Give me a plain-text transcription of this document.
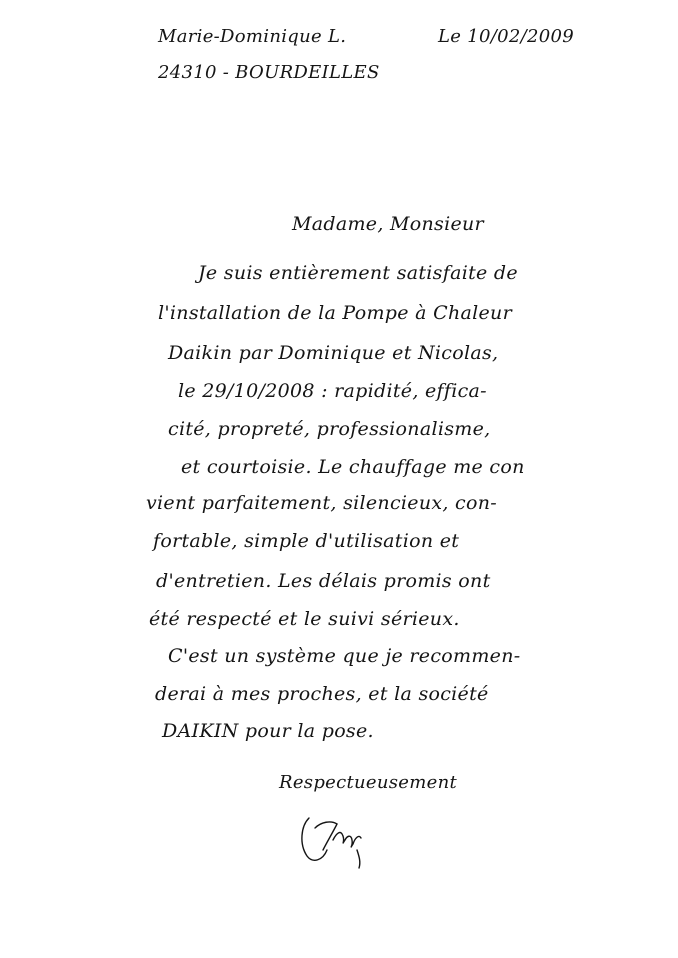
Marie-Dominique L.	Le 10/02/2009
24310 - BOURDEILLES
Madame, Monsieur
Je suis entièrement satisfaite de
l'installation de la Pompe à Chaleur
Daikin par Dominique et Nicolas,
le 29/10/2008 : rapidité, effica-
cité, propreté, professionalisme,
et courtoisie. Le chauffage me con
vient parfaitement, silencieux, con-
fortable, simple d'utilisation et
d'entretien. Les délais promis ont
été respecté et le suivi sérieux.
C'est un système que je recommen-
derai à mes proches, et la société
DAIKIN pour la pose.
Respectueusement
